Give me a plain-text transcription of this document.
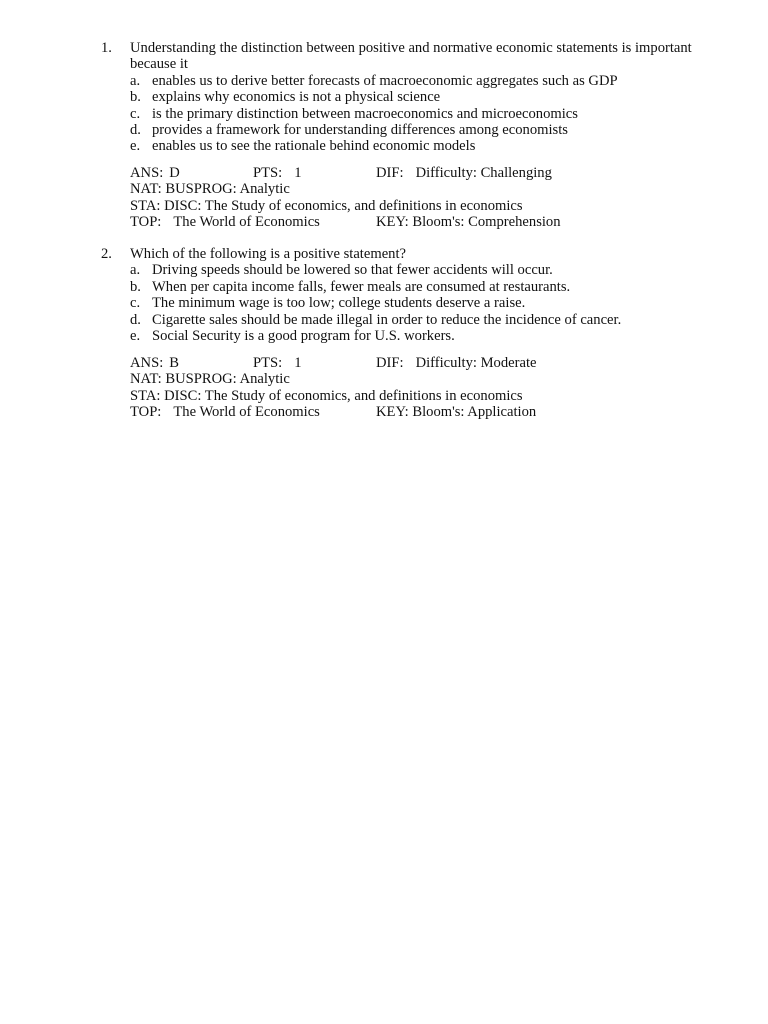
1. Understanding the distinction between positive and normative economic statements is important
because it
a. enables us to derive better forecasts of macroeconomic aggregates such as GDP
b. explains why economics is not a physical science
c. is the primary distinction between macroeconomics and microeconomics
d. provides a framework for understanding differences among economists
e. enables us to see the rationale behind economic models
ANS: D	PTS: 1	DIF: Difficulty: Challenging
NAT: BUSPROG: Analytic
STA: DISC: The Study of economics, and definitions in economics
TOP: The World of Economics	KEY: Bloom's: Comprehension
2. Which of the following is a positive statement?
a. Driving speeds should be lowered so that fewer accidents will occur.
b. When per capita income falls, fewer meals are consumed at restaurants.
c. The minimum wage is too low; college students deserve a raise.
d. Cigarette sales should be made illegal in order to reduce the incidence of cancer.
e. Social Security is a good program for U.S. workers.
ANS: B	PTS: 1	DIF: Difficulty: Moderate
NAT: BUSPROG: Analytic
STA: DISC: The Study of economics, and definitions in economics
TOP: The World of Economics	KEY: Bloom's: Application
